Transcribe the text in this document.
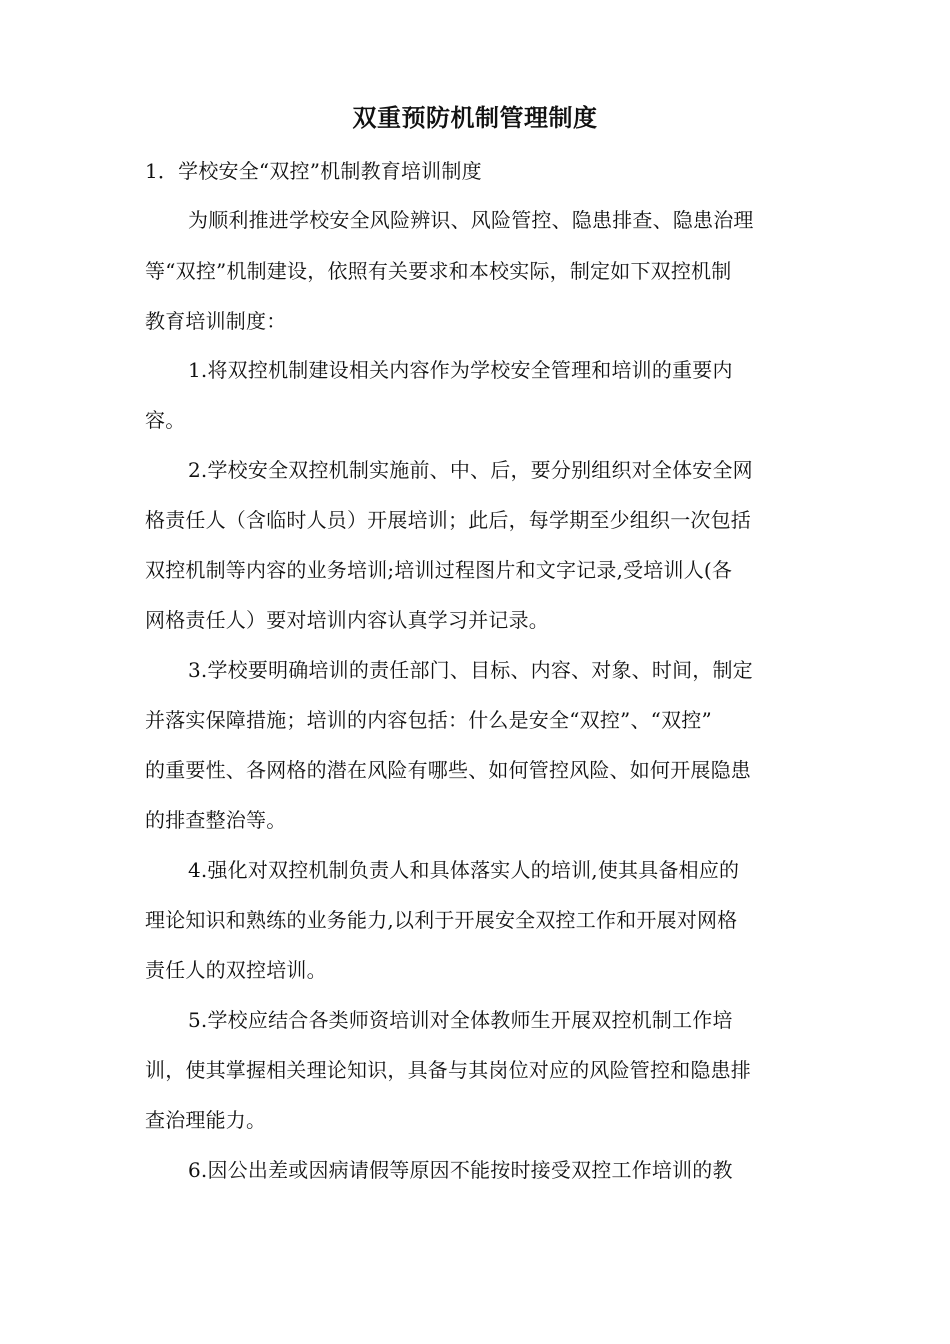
双重预防机制管理制度
1．学校安全“双控”机制教育培训制度
为顺利推进学校安全风险辨识、风险管控、隐患排查、隐患治理
等“双控”机制建设，依照有关要求和本校实际，制定如下双控机制
教育培训制度：
1.将双控机制建设相关内容作为学校安全管理和培训的重要内
容。
2.学校安全双控机制实施前、中、后，要分别组织对全体安全网
格责任人（含临时人员）开展培训；此后，每学期至少组织一次包括
双控机制等内容的业务培训;培训过程图片和文字记录,受培训人(各
网格责任人）要对培训内容认真学习并记录。
3.学校要明确培训的责任部门、目标、内容、对象、时间，制定
并落实保障措施；培训的内容包括：什么是安全“双控”、“双控”
的重要性、各网格的潜在风险有哪些、如何管控风险、如何开展隐患
的排查整治等。
4.强化对双控机制负责人和具体落实人的培训,使其具备相应的
理论知识和熟练的业务能力,以利于开展安全双控工作和开展对网格
责任人的双控培训。
5.学校应结合各类师资培训对全体教师生开展双控机制工作培
训，使其掌握相关理论知识，具备与其岗位对应的风险管控和隐患排
查治理能力。
6.因公出差或因病请假等原因不能按时接受双控工作培训的教
